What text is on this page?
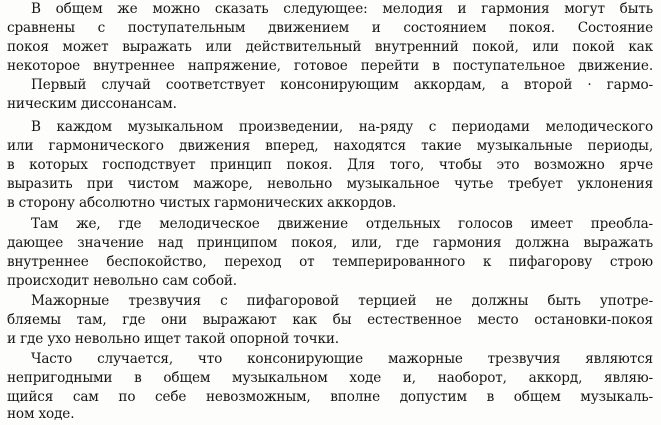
В общем же можно сказать следующее: мелодия и гармония могут быть
сравнены с поступательным движением и состоянием покоя. Состояние
покоя может выражать или действительный внутренний покой, или покой как
некоторое внутреннее напряжение, готовое перейти в поступательное движение.
Первый случай соответствует консонирующим аккордам, а второй · гармо-
ническим диссонансам.
В каждом музыкальном произведении, на-ряду с периодами мелодического
или гармонического движения вперед, находятся такие музыкальные периоды,
в которых господствует принцип покоя. Для того, чтобы это возможно ярче
выразить при чистом мажоре, невольно музыкальное чутье требует уклонения
в сторону абсолютно чистых гармонических аккордов.
Там же, где мелодическое движение отдельных голосов имеет преобла-
дающее значение над принципом покоя, или, где гармония должна выражать
внутреннее беспокойство, переход от темперированного к пифагорову строю
происходит невольно сам собой.
Мажорные трезвучия с пифагоровой терцией не должны быть употре-
бляемы там, где они выражают как бы естественное место остановки-покоя
и где ухо невольно ищет такой опорной точки.
Часто случается, что консонирующие мажорные трезвучия являются
непригодными в общем музыкальном ходе и, наоборот, аккорд, являю-
щийся сам по себе невозможным, вполне допустим в общем музыкаль-
ном ходе.
